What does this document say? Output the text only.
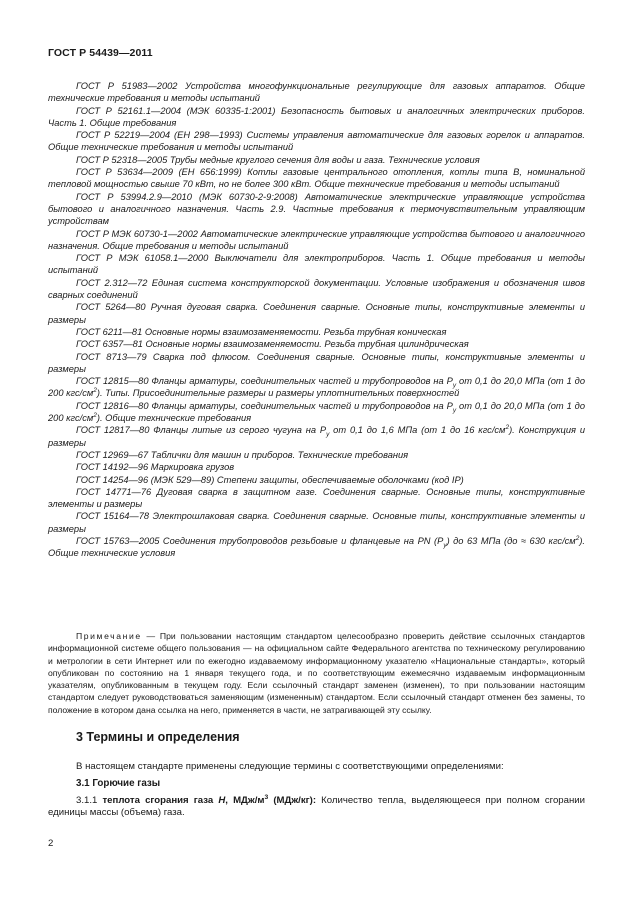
ГОСТ Р 54439—2011

ГОСТ Р 51983—2002 Устройства многофункциональные регулирующие для газовых аппаратов. Общие технические требования и методы испытаний

ГОСТ Р 52161.1—2004 (МЭК 60335-1:2001) Безопасность бытовых и аналогичных электрических приборов. Часть 1. Общие требования

ГОСТ Р 52219—2004 (ЕН 298—1993) Системы управления автоматические для газовых горелок и аппаратов. Общие технические требования и методы испытаний

ГОСТ Р 52318—2005 Трубы медные круглого сечения для воды и газа. Технические условия

ГОСТ Р 53634—2009 (ЕН 656:1999) Котлы газовые центрального отопления, котлы типа В, номинальной тепловой мощностью свыше 70 кВт, но не более 300 кВт. Общие технические требования и методы испытаний

ГОСТ Р 53994.2.9—2010 (МЭК 60730-2-9:2008) Автоматические электрические управляющие устройства бытового и аналогичного назначения. Часть 2.9. Частные требования к термочувствительным управляющим устройствам

ГОСТ Р МЭК 60730-1—2002 Автоматические электрические управляющие устройства бытового и аналогичного назначения. Общие требования и методы испытаний

ГОСТ Р МЭК 61058.1—2000 Выключатели для электроприборов. Часть 1. Общие требования и методы испытаний

ГОСТ 2.312—72 Единая система конструкторской документации. Условные изображения и обозначения швов сварных соединений

ГОСТ 5264—80 Ручная дуговая сварка. Соединения сварные. Основные типы, конструктивные элементы и размеры

ГОСТ 6211—81 Основные нормы взаимозаменяемости. Резьба трубная коническая

ГОСТ 6357—81 Основные нормы взаимозаменяемости. Резьба трубная цилиндрическая

ГОСТ 8713—79 Сварка под флюсом. Соединения сварные. Основные типы, конструктивные элементы и размеры

ГОСТ 12815—80 Фланцы арматуры, соединительных частей и трубопроводов на $P_у$ от 0,1 до 20,0 МПа (от 1 до 200 кгс/$см^2$). Типы. Присоединительные размеры и размеры уплотнительных поверхностей

ГОСТ 12816—80 Фланцы арматуры, соединительных частей и трубопроводов на $P_у$ от 0,1 до 20,0 МПа (от 1 до 200 кгс/$см^2$). Общие технические требования

ГОСТ 12817—80 Фланцы литые из серого чугуна на $P_у$ от 0,1 до 1,6 МПа (от 1 до 16 кгс/$см^2$). Конструкция и размеры

ГОСТ 12969—67 Таблички для машин и приборов. Технические требования

ГОСТ 14192—96 Маркировка грузов

ГОСТ 14254—96 (МЭК 529—89) Степени защиты, обеспечиваемые оболочками (код IP)

ГОСТ 14771—76 Дуговая сварка в защитном газе. Соединения сварные. Основные типы, конструктивные элементы и размеры

ГОСТ 15164—78 Электрошлаковая сварка. Соединения сварные. Основные типы, конструктивные элементы и размеры

ГОСТ 15763—2005 Соединения трубопроводов резьбовые и фланцевые на PN $(P_у)$ до 63 МПа (до ≈ 630 кгс/$см^2$). Общие технические условия

Примечание — При пользовании настоящим стандартом целесообразно проверить действие ссылочных стандартов информационной системе общего пользования — на официальном сайте Федерального агентства по техническому регулированию и метрологии в сети Интернет или по ежегодно издаваемому информационному указателю «Национальные стандарты», который опубликован по состоянию на 1 января текущего года, и по соответствующим ежемесячно издаваемым информационным указателям, опубликованным в текущем году. Если ссылочный стандарт заменен (изменен), то при пользовании настоящим стандартом следует руководствоваться заменяющим (измененным) стандартом. Если ссылочный стандарт отменен без замены, то положение в котором дана ссылка на него, применяется в части, не затрагивающей эту ссылку.

3 Термины и определения

В настоящем стандарте применены следующие термины с соответствующими определениями:

3.1 Горючие газы

3.1.1 теплота сгорания газа H, МДж/$м^3$ (МДж/кг): Количество тепла, выделяющееся при полном сгорании единицы массы (объема) газа.

2
